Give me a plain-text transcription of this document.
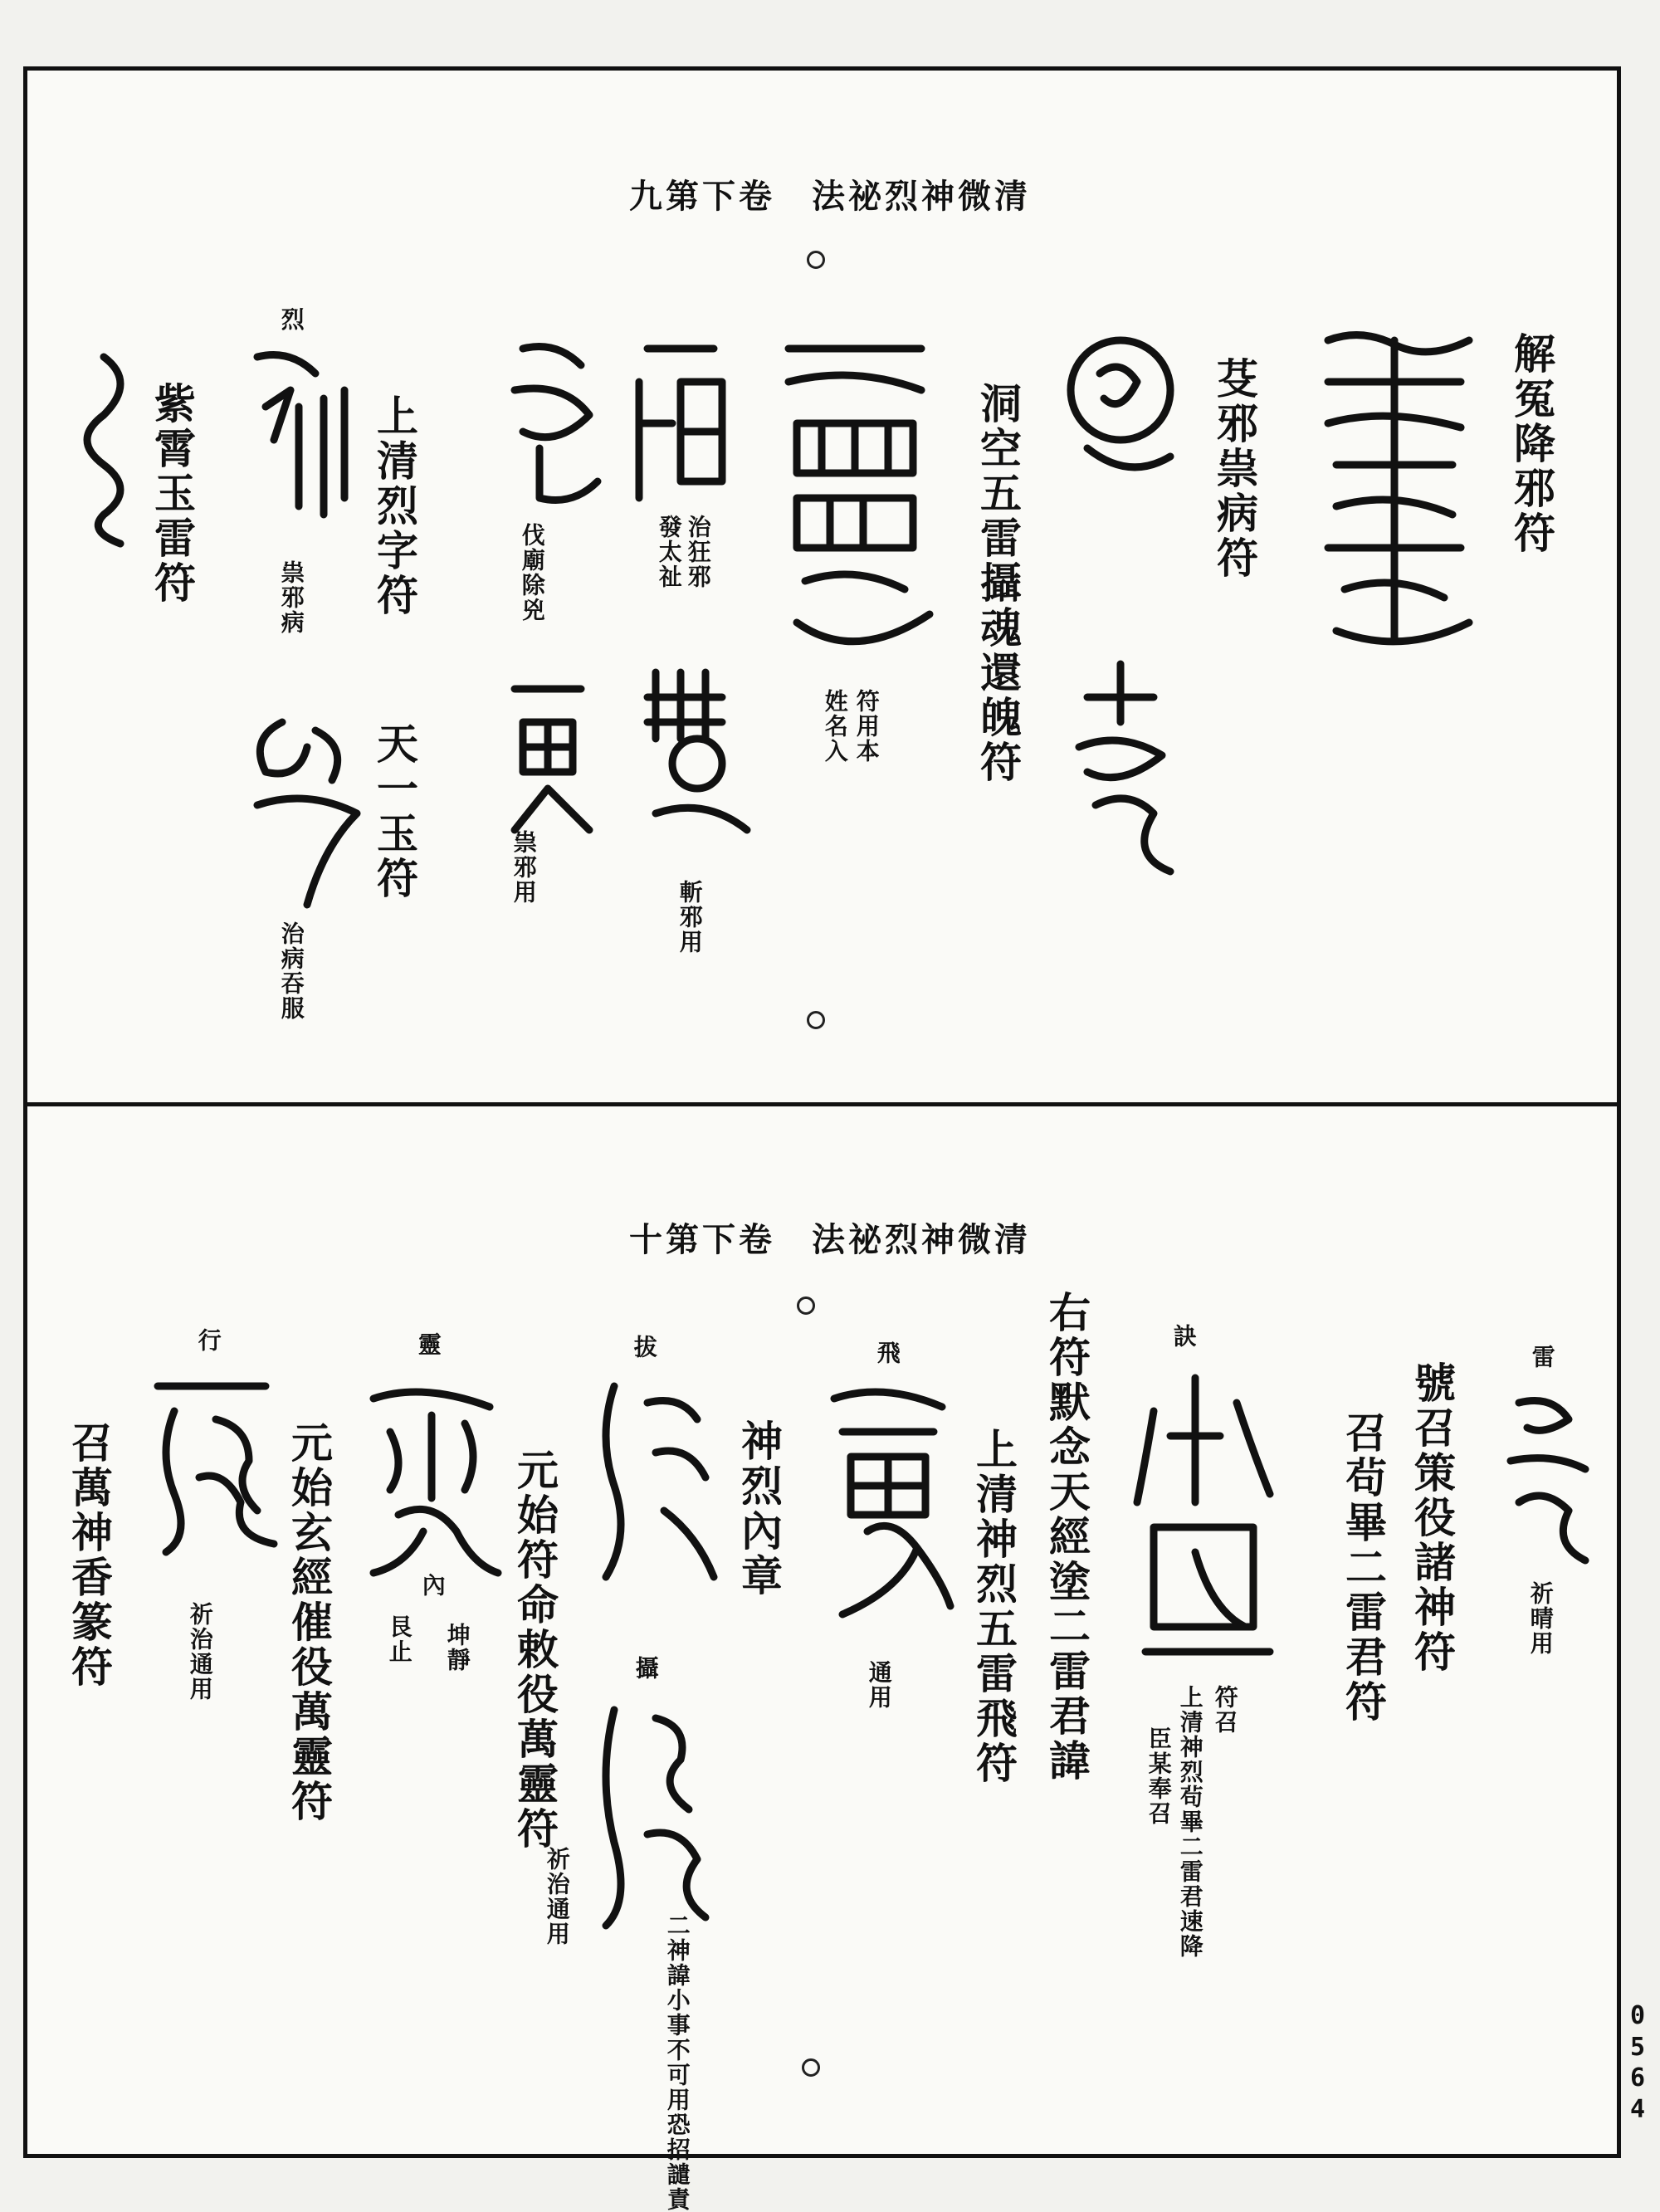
清微神烈祕法卷下第九
解冤降邪符
芟邪祟病符
洞空五雷攝魂還魄符
符用本
姓名入
治狂邪
發太祉
斬邪用
伐廟除兇
祟邪用
上清烈字符
天一玉符
烈
祟邪病
治病吞服
紫霄玉雷符
清微神烈祕法卷下第十
雷
祈晴用
號召策役諸神符
召茍畢二雷君符
訣
符召
上清神烈茍畢二雷君速降
臣某奉召
右符默念天經塗二雷君諱
上清神烈五雷飛符
飛
通用
神烈內章
拔
攝
二神諱小事不可用恐招譴責
元始符命敕役萬靈符
祈治通用
靈
內
坤靜
艮止
元始玄經催役萬靈符
行
祈治通用
召萬神香篆符
0564
